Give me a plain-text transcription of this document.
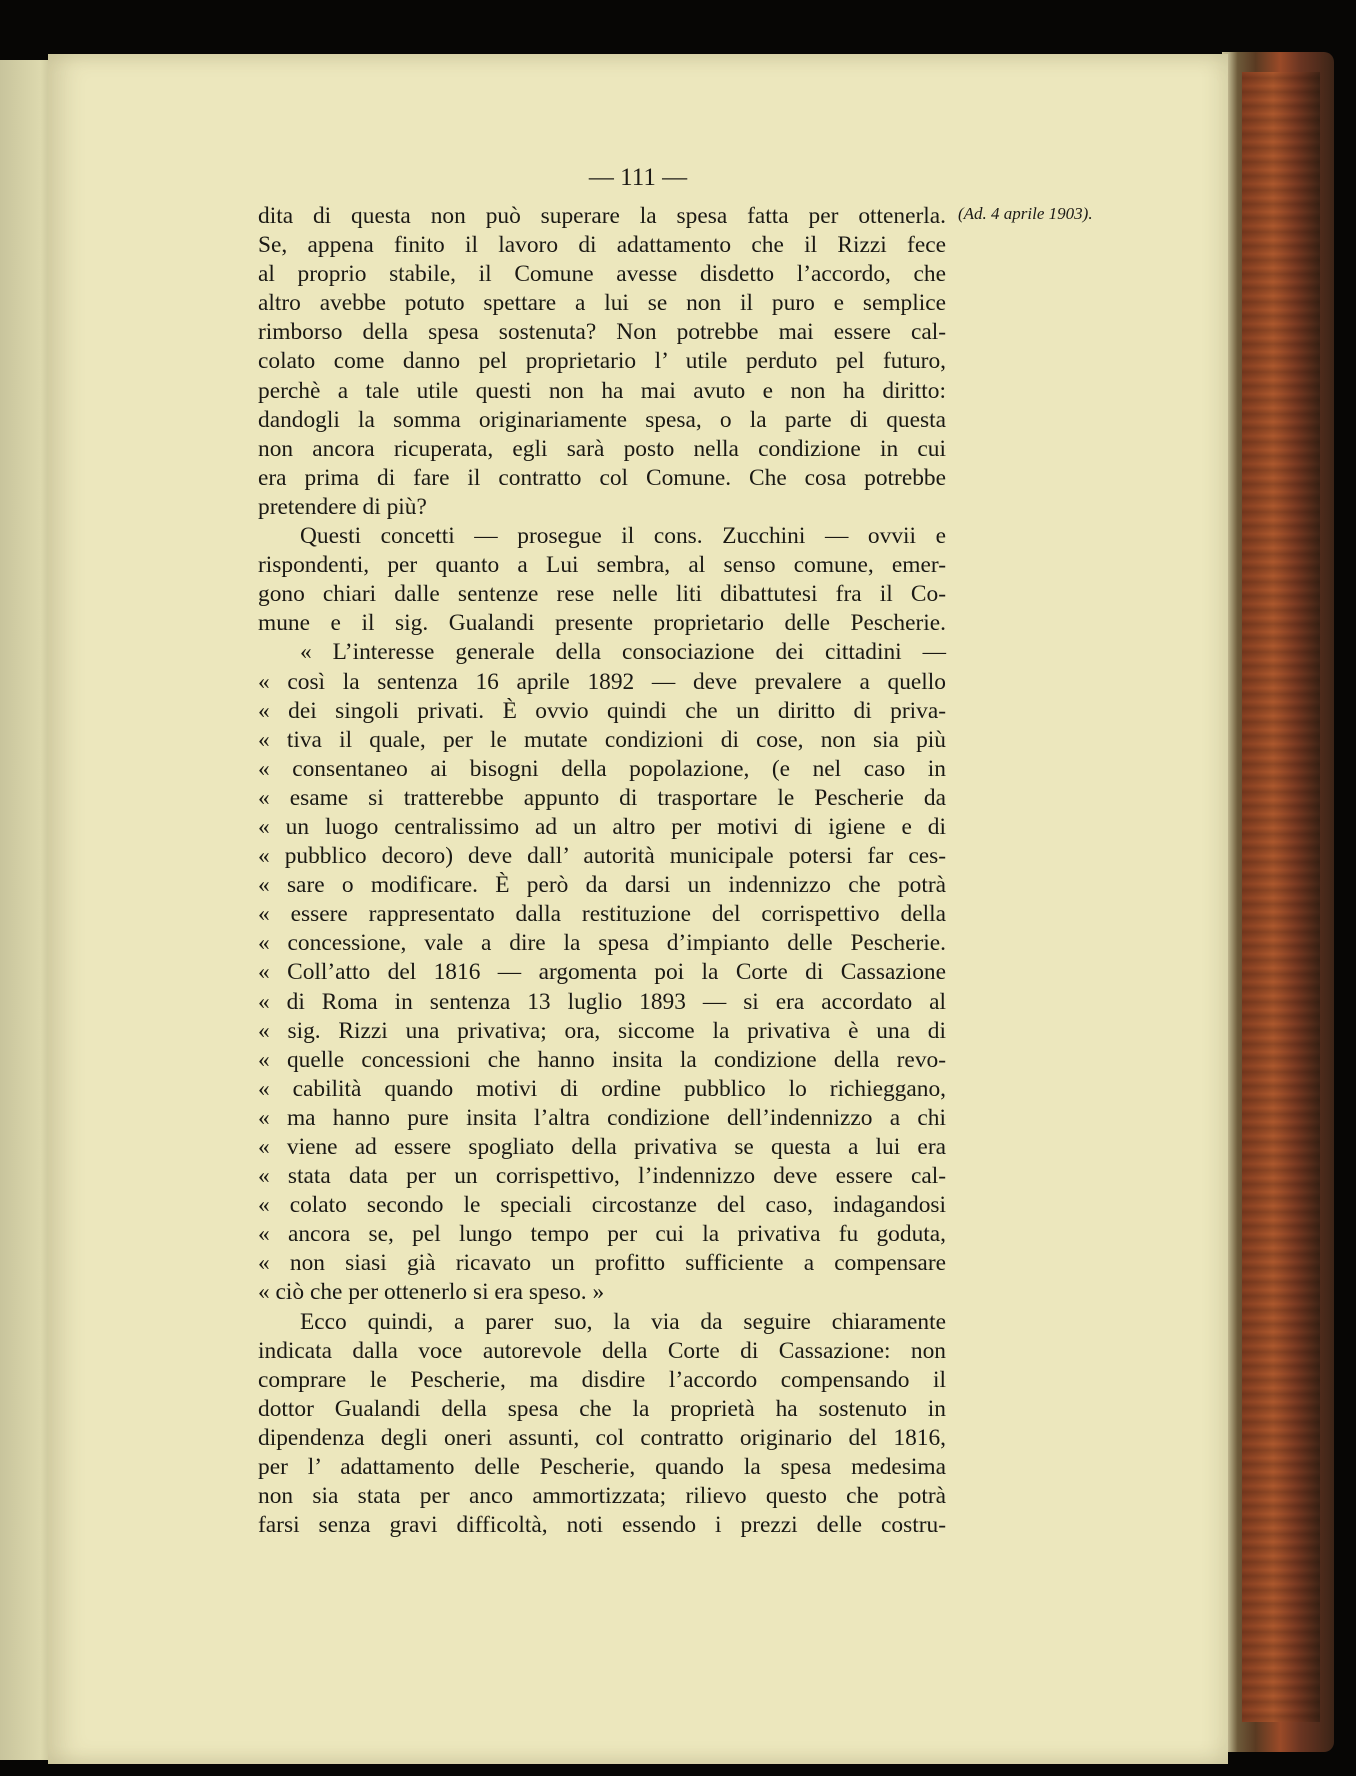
— 111 —
(Ad. 4 aprile 1903).
dita di questa non può superare la spesa fatta per ottenerla.
Se, appena finito il lavoro di adattamento che il Rizzi fece
al proprio stabile, il Comune avesse disdetto l’accordo, che
altro avebbe potuto spettare a lui se non il puro e semplice
rimborso della spesa sostenuta? Non potrebbe mai essere cal-
colato come danno pel proprietario l’ utile perduto pel futuro,
perchè a tale utile questi non ha mai avuto e non ha diritto:
dandogli la somma originariamente spesa, o la parte di questa
non ancora ricuperata, egli sarà posto nella condizione in cui
era prima di fare il contratto col Comune. Che cosa potrebbe
pretendere di più?
Questi concetti — prosegue il cons. Zucchini — ovvii e
rispondenti, per quanto a Lui sembra, al senso comune, emer-
gono chiari dalle sentenze rese nelle liti dibattutesi fra il Co-
mune e il sig. Gualandi presente proprietario delle Pescherie.
« L’interesse generale della consociazione dei cittadini —
« così la sentenza 16 aprile 1892 — deve prevalere a quello
« dei singoli privati. È ovvio quindi che un diritto di priva-
« tiva il quale, per le mutate condizioni di cose, non sia più
« consentaneo ai bisogni della popolazione, (e nel caso in
« esame si tratterebbe appunto di trasportare le Pescherie da
« un luogo centralissimo ad un altro per motivi di igiene e di
« pubblico decoro) deve dall’ autorità municipale potersi far ces-
« sare o modificare. È però da darsi un indennizzo che potrà
« essere rappresentato dalla restituzione del corrispettivo della
« concessione, vale a dire la spesa d’impianto delle Pescherie.
« Coll’atto del 1816 — argomenta poi la Corte di Cassazione
« di Roma in sentenza 13 luglio 1893 — si era accordato al
« sig. Rizzi una privativa; ora, siccome la privativa è una di
« quelle concessioni che hanno insita la condizione della revo-
« cabilità quando motivi di ordine pubblico lo richieggano,
« ma hanno pure insita l’altra condizione dell’indennizzo a chi
« viene ad essere spogliato della privativa se questa a lui era
« stata data per un corrispettivo, l’indennizzo deve essere cal-
« colato secondo le speciali circostanze del caso, indagandosi
« ancora se, pel lungo tempo per cui la privativa fu goduta,
« non siasi già ricavato un profitto sufficiente a compensare
« ciò che per ottenerlo si era speso. »
Ecco quindi, a parer suo, la via da seguire chiaramente
indicata dalla voce autorevole della Corte di Cassazione: non
comprare le Pescherie, ma disdire l’accordo compensando il
dottor Gualandi della spesa che la proprietà ha sostenuto in
dipendenza degli oneri assunti, col contratto originario del 1816,
per l’ adattamento delle Pescherie, quando la spesa medesima
non sia stata per anco ammortizzata; rilievo questo che potrà
farsi senza gravi difficoltà, noti essendo i prezzi delle costru-
